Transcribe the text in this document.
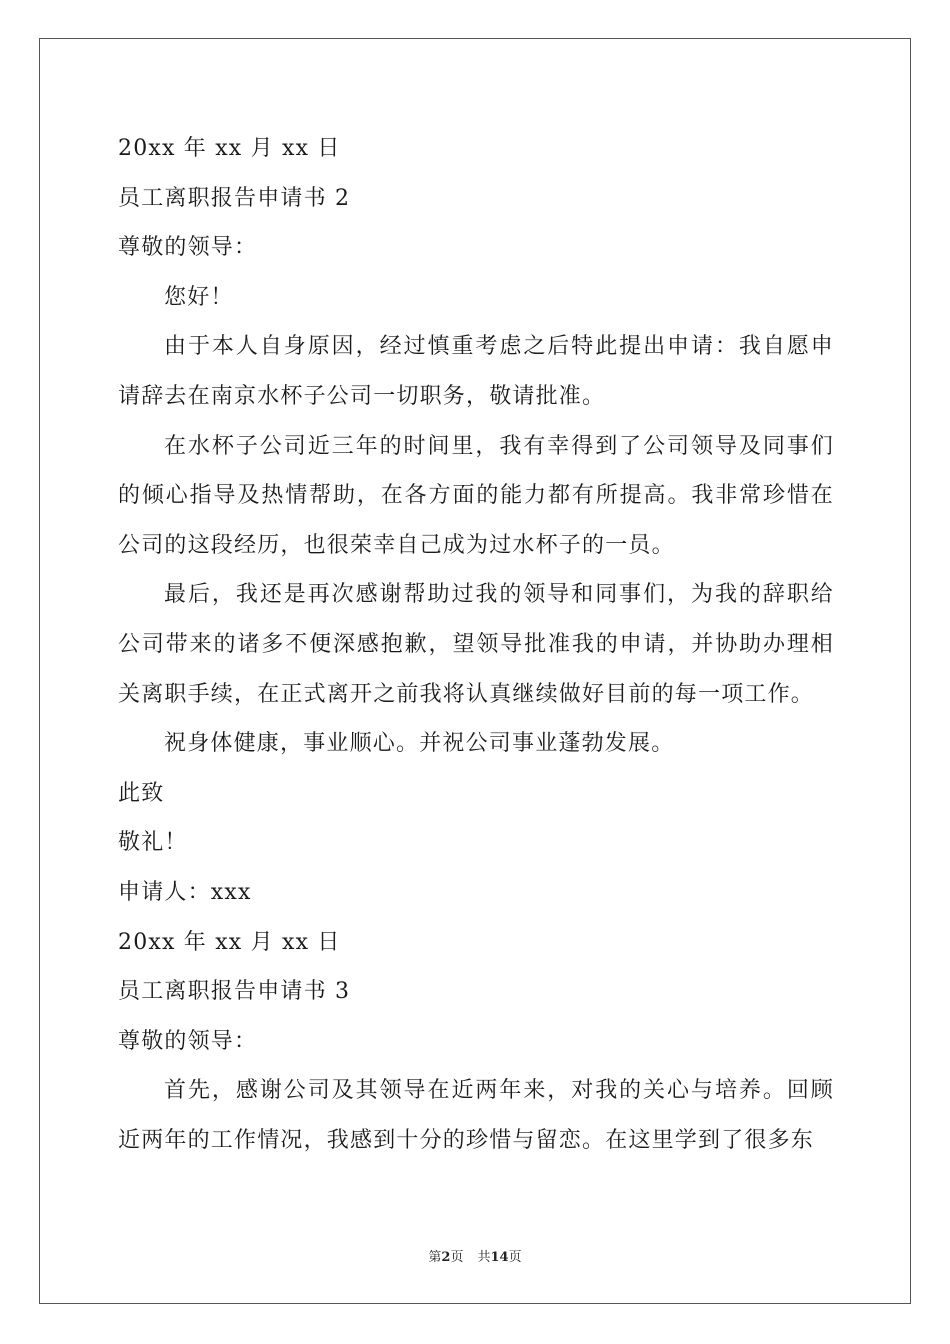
20xx 年 xx 月 xx 日
员工离职报告申请书 2
尊敬的领导：
您好！
由于本人自身原因，经过慎重考虑之后特此提出申请：我自愿申请辞去在南京水杯子公司一切职务，敬请批准。
在水杯子公司近三年的时间里，我有幸得到了公司领导及同事们的倾心指导及热情帮助，在各方面的能力都有所提高。我非常珍惜在公司的这段经历，也很荣幸自己成为过水杯子的一员。
最后，我还是再次感谢帮助过我的领导和同事们，为我的辞职给公司带来的诸多不便深感抱歉，望领导批准我的申请，并协助办理相关离职手续，在正式离开之前我将认真继续做好目前的每一项工作。
祝身体健康，事业顺心。并祝公司事业蓬勃发展。
此致
敬礼！
申请人：xxx
20xx 年 xx 月 xx 日
员工离职报告申请书 3
尊敬的领导：
首先，感谢公司及其领导在近两年来，对我的关心与培养。回顾近两年的工作情况，我感到十分的珍惜与留恋。在这里学到了很多东
第2页 共14页
